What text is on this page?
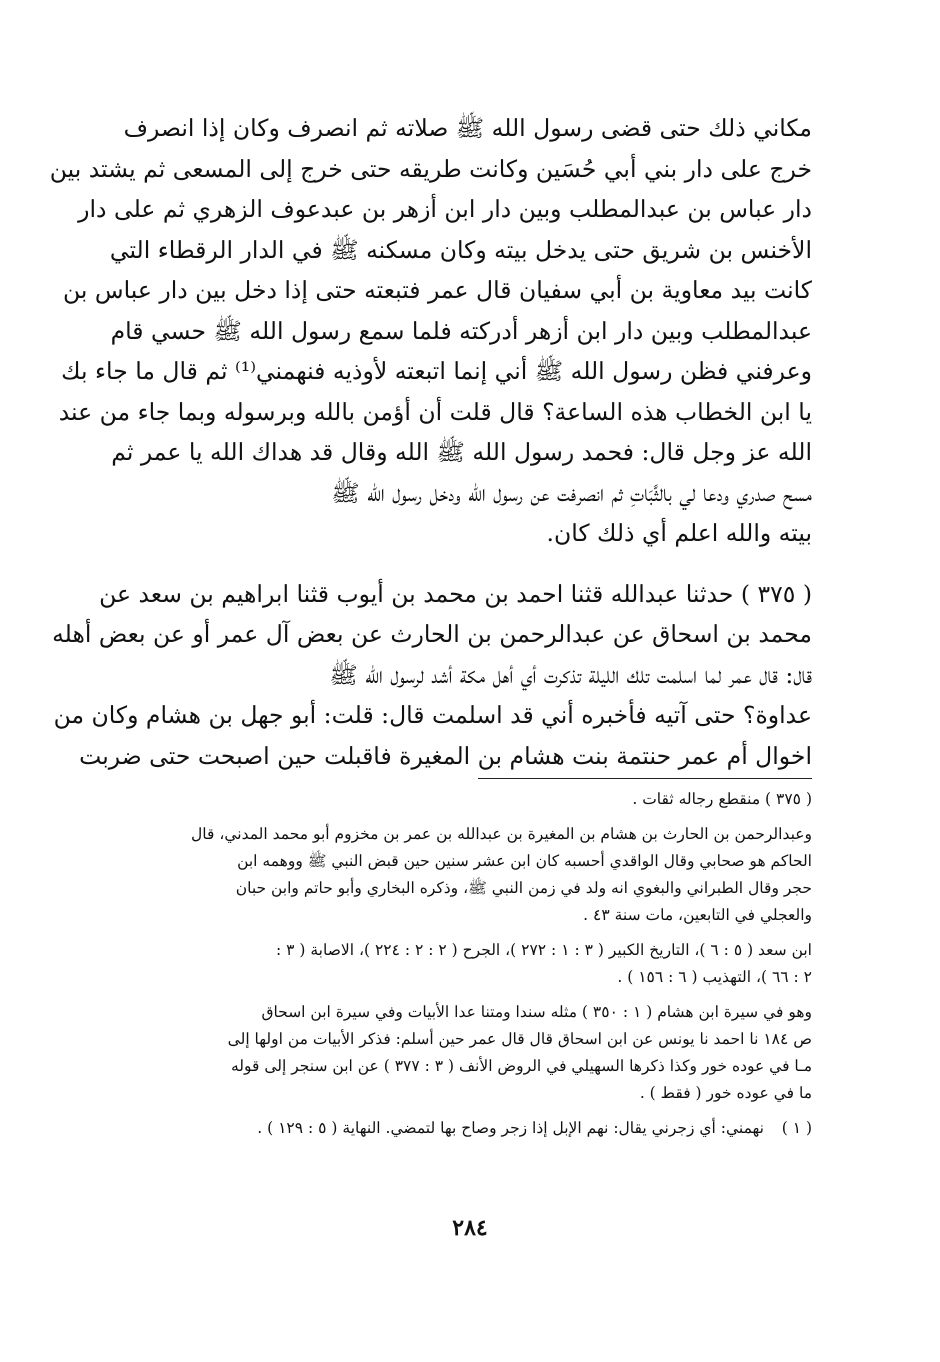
مكاني ذلك حتى قضى رسول الله ﷺ صلاته ثم انصرف وكان إذا انصرف
خرج على دار بني أبي حُسَين وكانت طريقه حتى خرج إلى المسعى ثم يشتد بين
دار عباس بن عبدالمطلب وبين دار ابن أزهر بن عبدعوف الزهري ثم على دار
الأخنس بن شريق حتى يدخل بيته وكان مسكنه ﷺ في الدار الرقطاء التي
كانت بيد معاوية بن أبي سفيان قال عمر فتبعته حتى إذا دخل بين دار عباس بن
عبدالمطلب وبين دار ابن أزهر أدركته فلما سمع رسول الله ﷺ حسي قام
وعرفني فظن رسول الله ﷺ أني إنما اتبعته لأوذيه فنهمني⁽¹⁾ ثم قال ما جاء بك
يا ابن الخطاب هذه الساعة؟ قال قلت أن أؤمن بالله وبرسوله وبما جاء من عند
الله عز وجل قال: فحمد رسول الله ﷺ الله وقال قد هداك الله يا عمر ثم
مسح صدري ودعا لي بالثَّبَاتِ ثم انصرفت عن رسول الله ودخل رسول الله ﷺ
بيته والله اعلم أي ذلك كان.
( ٣٧٥ ) حدثنا عبدالله قثنا احمد بن محمد بن أيوب قثنا ابراهيم بن سعد عن
محمد بن اسحاق عن عبدالرحمن بن الحارث عن بعض آل عمر أو عن بعض أهله
قال: قال عمر لما اسلمت تلك الليلة تذكرت أي أهل مكة أشد لرسول الله ﷺ
عداوة؟ حتى آتيه فأخبره أني قد اسلمت قال: قلت: أبو جهل بن هشام وكان من
اخوال أم عمر حنتمة بنت هشام بن المغيرة فاقبلت حين اصبحت حتى ضربت
( ٣٧٥ ) منقطع رجاله ثقات .
وعبدالرحمن بن الحارث بن هشام بن المغيرة بن عبدالله بن عمر بن مخزوم أبو محمد المدني، قال
الحاكم هو صحابي وقال الواقدي أحسبه كان ابن عشر سنين حين قبض النبي ﷺ ووهمه ابن
حجر وقال الطبراني والبغوي انه ولد في زمن النبي ﷺ، وذكره البخاري وأبو حاتم وابن حبان
والعجلي في التابعين، مات سنة ٤٣ .
ابن سعد ( ٥ : ٦ )، التاريخ الكبير ( ٣ : ١ : ٢٧٢ )، الجرح ( ٢ : ٢ : ٢٢٤ )، الاصابة ( ٣ :
٢ : ٦٦ )، التهذيب ( ٦ : ١٥٦ ) .
وهو في سيرة ابن هشام ( ١ : ٣٥٠ ) مثله سندا ومتنا عدا الأبيات وفي سيرة ابن اسحاق
ص ١٨٤ نا احمد نا يونس عن ابن اسحاق قال قال عمر حين أسلم: فذكر الأبيات من اولها إلى
مـا في عوده خور وكذا ذكرها السهيلي في الروض الأنف ( ٣ : ٣٧٧ ) عن ابن سنجر إلى قوله
ما في عوده خور ( فقط ) .
( ١ )
نهمني: أي زجرني يقال: نهم الإبل إذا زجر وصاح بها لتمضي. النهاية ( ٥ : ١٢٩ ) .
٢٨٤
